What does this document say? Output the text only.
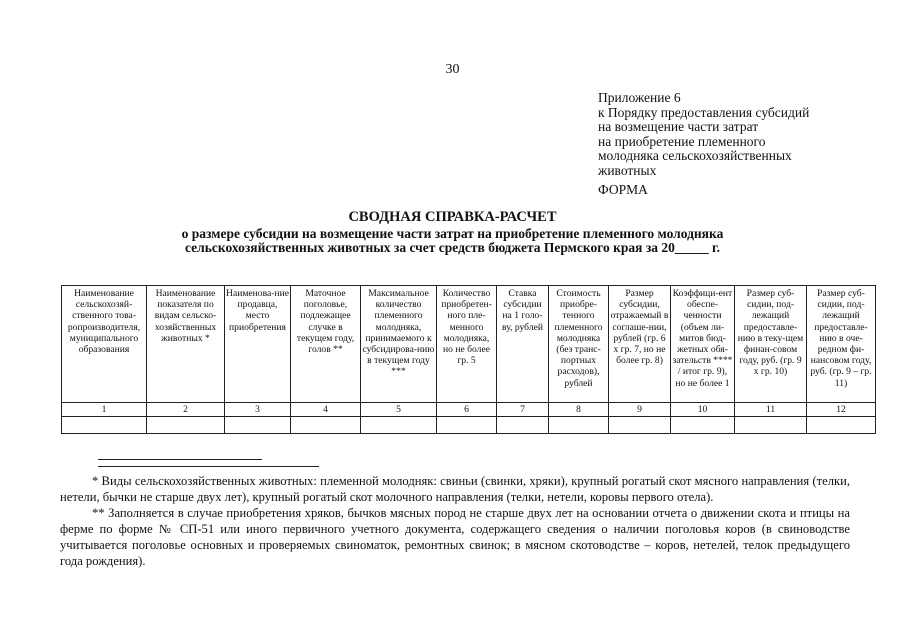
30
Приложение 6
к Порядку предоставления субсидий
на возмещение части затрат
на приобретение племенного
молодняка сельскохозяйственных
животных
ФОРМА
СВОДНАЯ СПРАВКА-РАСЧЕТ
о размере субсидии на возмещение части затрат на приобретение племенного молодняка
сельскохозяйственных животных за счет средств бюджета Пермского края за 20_____ г.
Наименование сельскохозяй-ственного това-ропроизводителя, муниципального образования	Наименование показателя по видам сельско-хозяйственных животных *	Наименова-ние продавца, место приобретения	Маточное поголовье, подлежащее случке в текущем году, голов **	Максимальное количество племенного молодняка, принимаемого к субсидирова-нию в текущем году ***	Количество приобретен-ного пле-менного молодняка, но не более гр. 5	Ставка субсидии на 1 голо-ву, рублей	Стоимость приобре-тенного племенного молодняка (без транс-портных расходов), рублей	Размер субсидии, отражаемый в соглаше-нии, рублей (гр. 6 х гр. 7, но не более гр. 8)	Коэффици-ент обеспе-ченности (объем ли-митов бюд-жетных обя-зательств **** / итог гр. 9), но не более 1	Размер суб-сидии, под-лежащий предоставле-нию в теку-щем финан-совом году, руб. (гр. 9 х гр. 10)	Размер суб-сидии, под-лежащий предоставле-нию в оче-редном фи-нансовом году, руб. (гр. 9 – гр. 11)
1	2	3	4	5	6	7	8	9	10	11	12

* Виды сельскохозяйственных животных: племенной молодняк: свиньи (свинки, хряки), крупный рогатый скот мясного направления (телки, нетели, бычки не старше двух лет), крупный рогатый скот молочного направления (телки, нетели, коровы первого отела).

** Заполняется в случае приобретения хряков, бычков мясных пород не старше двух лет на основании отчета о движении скота и птицы на ферме по форме № СП-51 или иного первичного учетного документа, содержащего сведения о наличии поголовья коров (в свиноводстве учитывается поголовье основных и проверяемых свиноматок, ремонтных свинок; в мясном скотоводстве – коров, нетелей, телок предыдущего года рождения).
